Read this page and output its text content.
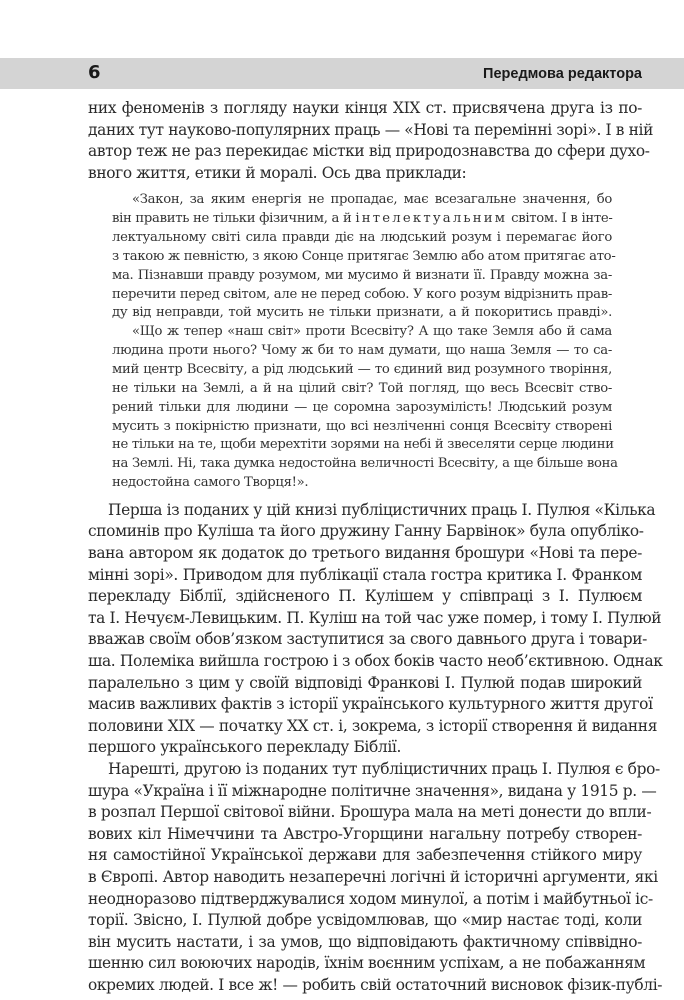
6	Передмова редактора
них феноменів з погляду науки кінця XIX ст. присвячена друга із по-
даних тут науково-популярних праць — «Нові та перемінні зорі». І в ній
автор теж не раз перекидає містки від природознавства до сфери духо-
вного життя, етики й моралі. Ось два приклади:
«Закон, за яким енергія не пропадає, має всезагальне значення, бо
він править не тільки фізичним, а й інтелектуальним світом. І в інте-
лектуальному світі сила правди діє на людський розум і перемагає його
з такою ж певністю, з якою Сонце притягає Землю або атом притягає ато-
ма. Пізнавши правду розумом, ми мусимо й визнати її. Правду можна за-
перечити перед світом, але не перед собою. У кого розум відрізнить прав-
ду від неправди, той мусить не тільки признати, а й покоритись правді».
«Що ж тепер «наш світ» проти Всесвіту? А що таке Земля або й сама
людина проти нього? Чому ж би то нам думати, що наша Земля — то са-
мий центр Всесвіту, а рід людський — то єдиний вид розумного творіння,
не тільки на Землі, а й на цілий світ? Той погляд, що весь Всесвіт ство-
рений тільки для людини — це соромна зарозумілість! Людський розум
мусить з покірністю признати, що всі незліченні сонця Всесвіту створені
не тільки на те, щоби мерехтіти зорями на небі й звеселяти серце людини
на Землі. Ні, така думка недостойна величності Всесвіту, а ще більше вона
недостойна самого Творця!».
Перша із поданих у цій книзі публіцистичних праць І. Пулюя «Кілька
споминів про Куліша та його дружину Ганну Барвінок» була опубліко-
вана автором як додаток до третього видання брошури «Нові та пере-
мінні зорі». Приводом для публікації стала гостра критика І. Франком
перекладу Біблії, здійсненого П. Кулішем у співпраці з І. Пулюєм
та І. Нечуєм-Левицьким. П. Куліш на той час уже помер, і тому І. Пулюй
вважав своїм обов’язком заступитися за свого давнього друга і товари-
ша. Полеміка вийшла гострою і з обох боків часто необ’єктивною. Однак
паралельно з цим у своїй відповіді Франкові І. Пулюй подав широкий
масив важливих фактів з історії українського культурного життя другої
половини XIX — початку XX ст. і, зокрема, з історії створення й видання
першого українського перекладу Біблії.
Нарешті, другою із поданих тут публіцистичних праць І. Пулюя є бро-
шура «Україна і її міжнародне політичне значення», видана у 1915 р. —
в розпал Першої світової війни. Брошура мала на меті донести до впли-
вових кіл Німеччини та Австро-Угорщини нагальну потребу створен-
ня самостійної Української держави для забезпечення стійкого миру
в Європі. Автор наводить незаперечні логічні й історичні аргументи, які
неодноразово підтверджувалися ходом минулої, а потім і майбутньої іс-
торії. Звісно, І. Пулюй добре усвідомлював, що «мир настає тоді, коли
він мусить настати, і за умов, що відповідають фактичному співвідно-
шенню сил воюючих народів, їхнім воєнним успіхам, а не побажанням
окремих людей. І все ж! — робить свій остаточний висновок фізик-публі-
